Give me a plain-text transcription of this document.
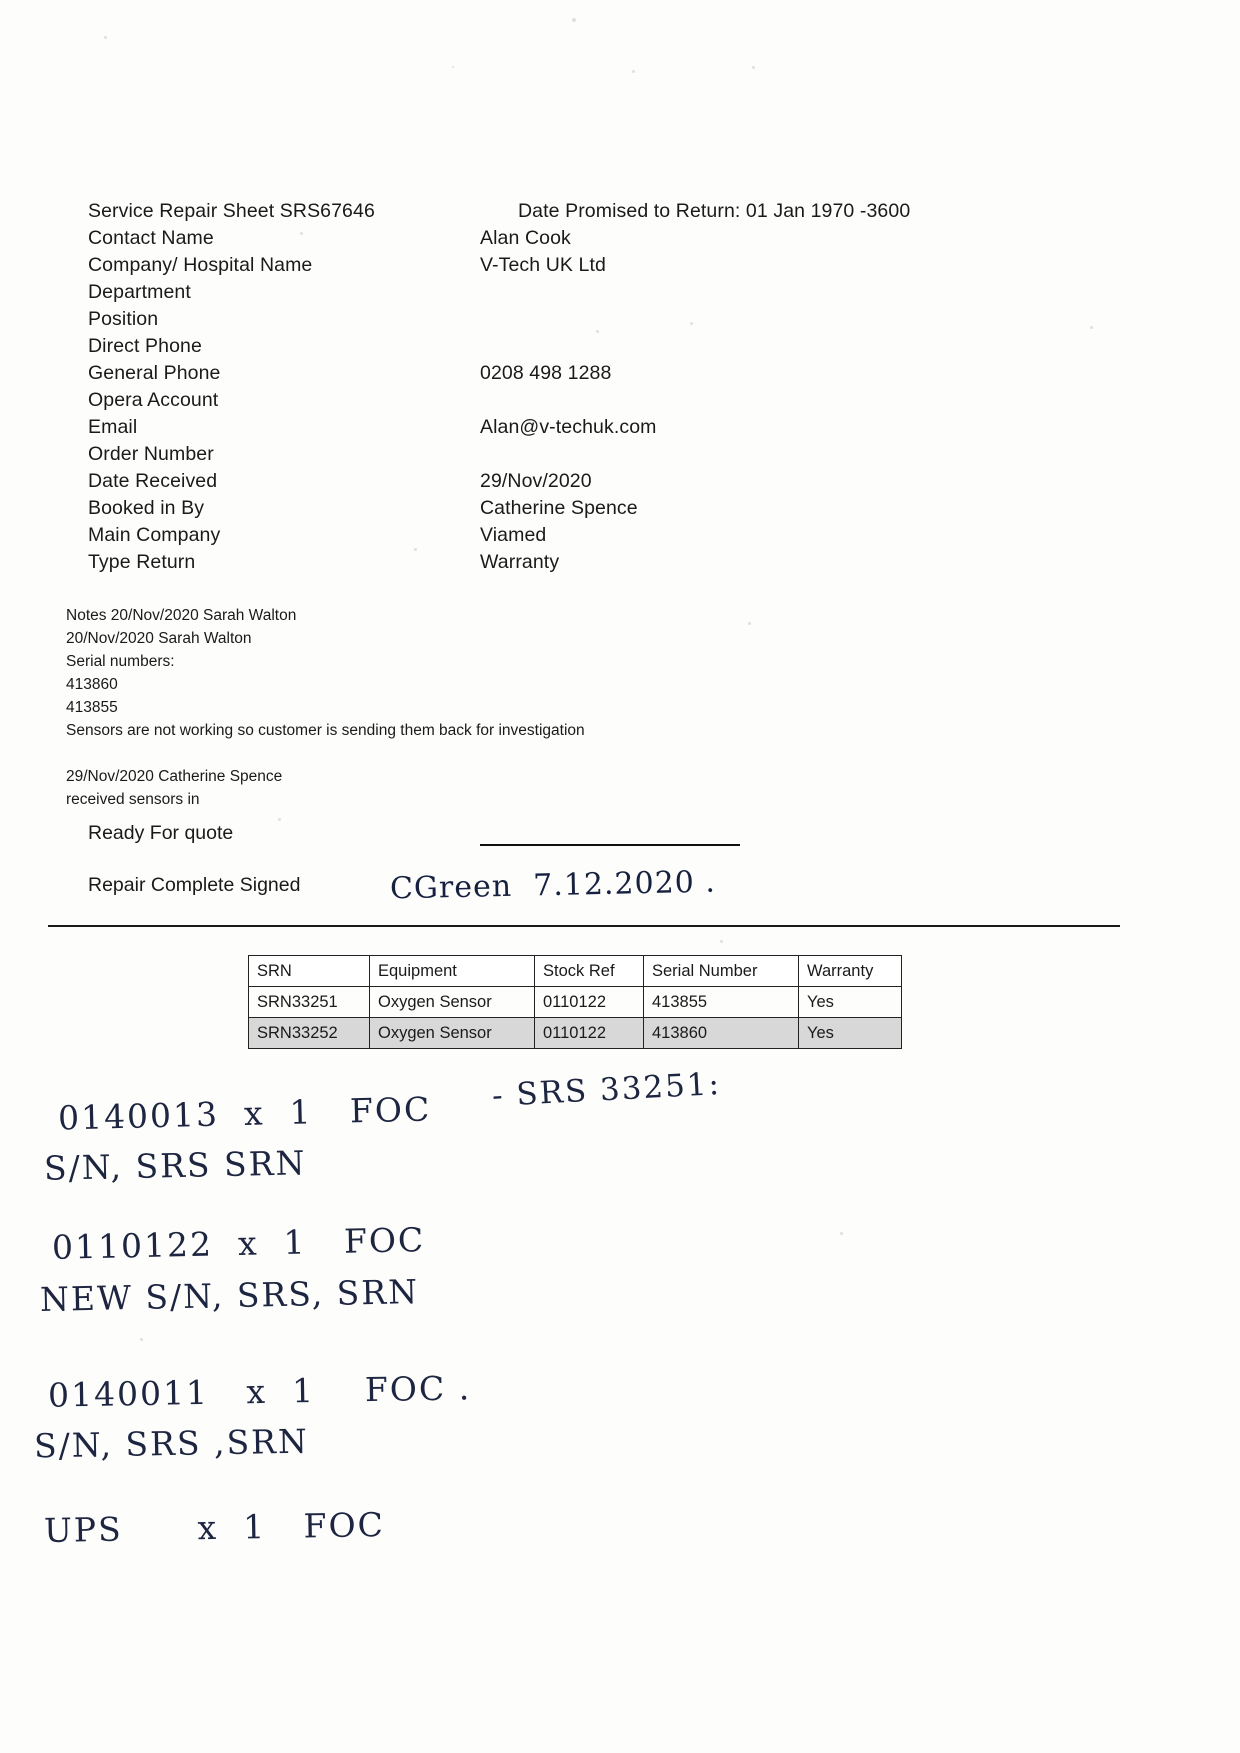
Service Repair Sheet SRS67646	Date Promised to Return: 01 Jan 1970 -3600
Contact Name	Alan Cook
Company/ Hospital Name	V-Tech UK Ltd
Department
Position
Direct Phone
General Phone	0208 498 1288
Opera Account
Email	Alan@v-techuk.com
Order Number
Date Received	29/Nov/2020
Booked in By	Catherine Spence
Main Company	Viamed
Type Return	Warranty
Notes 20/Nov/2020 Sarah Walton
20/Nov/2020 Sarah Walton
Serial numbers:
413860
413855
Sensors are not working so customer is sending them back for investigation
29/Nov/2020 Catherine Spence
received sensors in
Ready For quote
Repair Complete Signed	CGreen  7.12.2020 .
SRN	Equipment	Stock Ref	Serial Number	Warranty
SRN33251	Oxygen Sensor	0110122	413855	Yes
SRN33252	Oxygen Sensor	0110122	413860	Yes
0140013  x  1   FOC - SRS 33251:
S/N, SRS SRN
0110122  x  1   FOC
NEW S/N, SRS, SRN
0140011   x  1    FOC .
S/N, SRS ,SRN
UPS      x  1   FOC
